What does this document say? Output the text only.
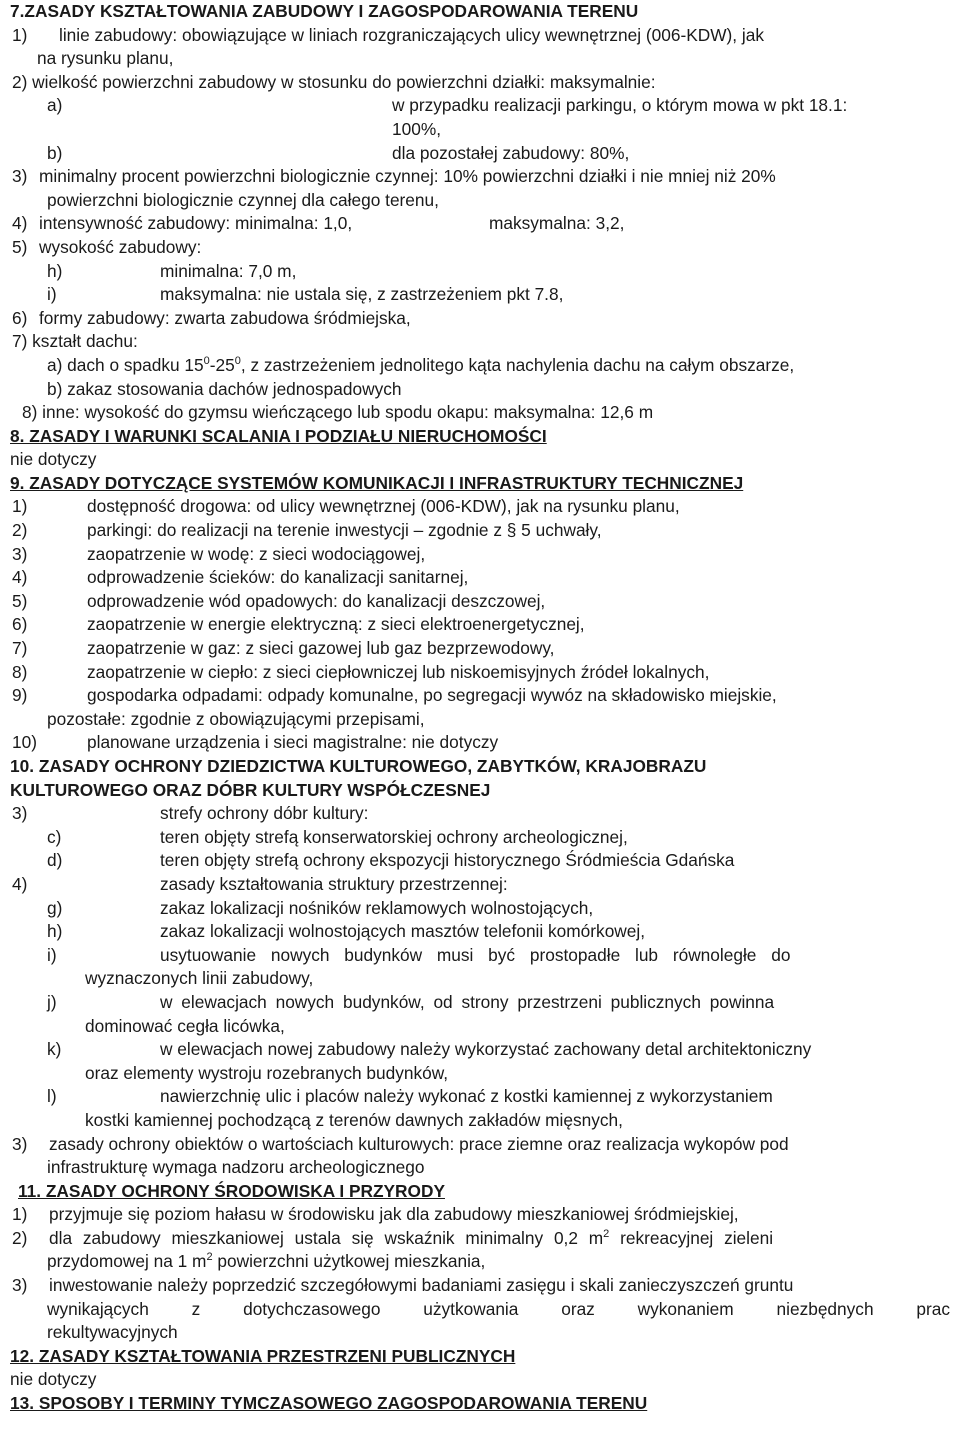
7.ZASADY KSZTAŁTOWANIA ZABUDOWY I ZAGOSPODAROWANIA TERENU
1)	linie zabudowy: obowiązujące w liniach rozgraniczających ulicy wewnętrznej (006-KDW), jak
na rysunku planu,
2) wielkość powierzchni zabudowy w stosunku do powierzchni działki: maksymalnie:
a)	w przypadku realizacji parkingu, o którym mowa w pkt 18.1:
100%,
b)	dla pozostałej zabudowy: 80%,
3) minimalny procent powierzchni biologicznie czynnej: 10% powierzchni działki i nie mniej niż 20%
powierzchni biologicznie czynnej dla całego terenu,
4) intensywność zabudowy: minimalna: 1,0,	maksymalna: 3,2,
5) wysokość zabudowy:
h)	minimalna: 7,0 m,
i)	maksymalna: nie ustala się, z zastrzeżeniem pkt 7.8,
6) formy zabudowy: zwarta zabudowa śródmiejska,
7) kształt dachu:
a) dach o spadku $15^0-25^0$, z zastrzeżeniem jednolitego kąta nachylenia dachu na całym obszarze,
b) zakaz stosowania dachów jednospadowych
8) inne: wysokość do gzymsu wieńczącego lub spodu okapu: maksymalna: 12,6 m
8. ZASADY I WARUNKI SCALANIA I PODZIAŁU NIERUCHOMOŚCI
nie dotyczy
9. ZASADY DOTYCZĄCE SYSTEMÓW KOMUNIKACJI I INFRASTRUKTURY TECHNICZNEJ
1)	dostępność drogowa: od ulicy wewnętrznej (006-KDW), jak na rysunku planu,
2)	parkingi: do realizacji na terenie inwestycji – zgodnie z § 5 uchwały,
3)	zaopatrzenie w wodę: z sieci wodociągowej,
4)	odprowadzenie ścieków: do kanalizacji sanitarnej,
5)	odprowadzenie wód opadowych: do kanalizacji deszczowej,
6)	zaopatrzenie w energie elektryczną: z sieci elektroenergetycznej,
7)	zaopatrzenie w gaz: z sieci gazowej lub gaz bezprzewodowy,
8)	zaopatrzenie w ciepło: z sieci ciepłowniczej lub niskoemisyjnych źródeł lokalnych,
9)	gospodarka odpadami: odpady komunalne, po segregacji wywóz na składowisko miejskie,
pozostałe: zgodnie z obowiązującymi przepisami,
10)	planowane urządzenia i sieci magistralne: nie dotyczy
10. ZASADY OCHRONY DZIEDZICTWA KULTUROWEGO, ZABYTKÓW, KRAJOBRAZU
KULTUROWEGO ORAZ DÓBR KULTURY WSPÓŁCZESNEJ
3)	strefy ochrony dóbr kultury:
c)	teren objęty strefą konserwatorskiej ochrony archeologicznej,
d)	teren objęty strefą ochrony ekspozycji historycznego Śródmieścia Gdańska
4)	zasady kształtowania struktury przestrzennej:
g)	zakaz lokalizacji nośników reklamowych wolnostojących,
h)	zakaz lokalizacji wolnostojących masztów telefonii komórkowej,
i)	usytuowanie nowych budynków musi być prostopadłe lub równoległe do
wyznaczonych linii zabudowy,
j)	w elewacjach nowych budynków, od strony przestrzeni publicznych powinna
dominować cegła licówka,
k)	w elewacjach nowej zabudowy należy wykorzystać zachowany detal architektoniczny
oraz elementy wystroju rozebranych budynków,
l)	nawierzchnię ulic i placów należy wykonać z kostki kamiennej z wykorzystaniem
kostki kamiennej pochodzącą z terenów dawnych zakładów mięsnych,
3)	zasady ochrony obiektów o wartościach kulturowych: prace ziemne oraz realizacja wykopów pod
infrastrukturę wymaga nadzoru archeologicznego
11. ZASADY OCHRONY ŚRODOWISKA I PRZYRODY
1)	przyjmuje się poziom hałasu w środowisku jak dla zabudowy mieszkaniowej śródmiejskiej,
2)	dla zabudowy mieszkaniowej ustala się wskaźnik minimalny 0,2 $m^2$ rekreacyjnej zieleni
przydomowej na 1 $m^2$ powierzchni użytkowej mieszkania,
3)	inwestowanie należy poprzedzić szczegółowymi badaniami zasięgu i skali zanieczyszczeń gruntu
wynikających z dotychczasowego użytkowania oraz wykonaniem niezbędnych prac
rekultywacyjnych
12. ZASADY KSZTAŁTOWANIA PRZESTRZENI PUBLICZNYCH
nie dotyczy
13. SPOSOBY I TERMINY TYMCZASOWEGO ZAGOSPODAROWANIA TERENU
